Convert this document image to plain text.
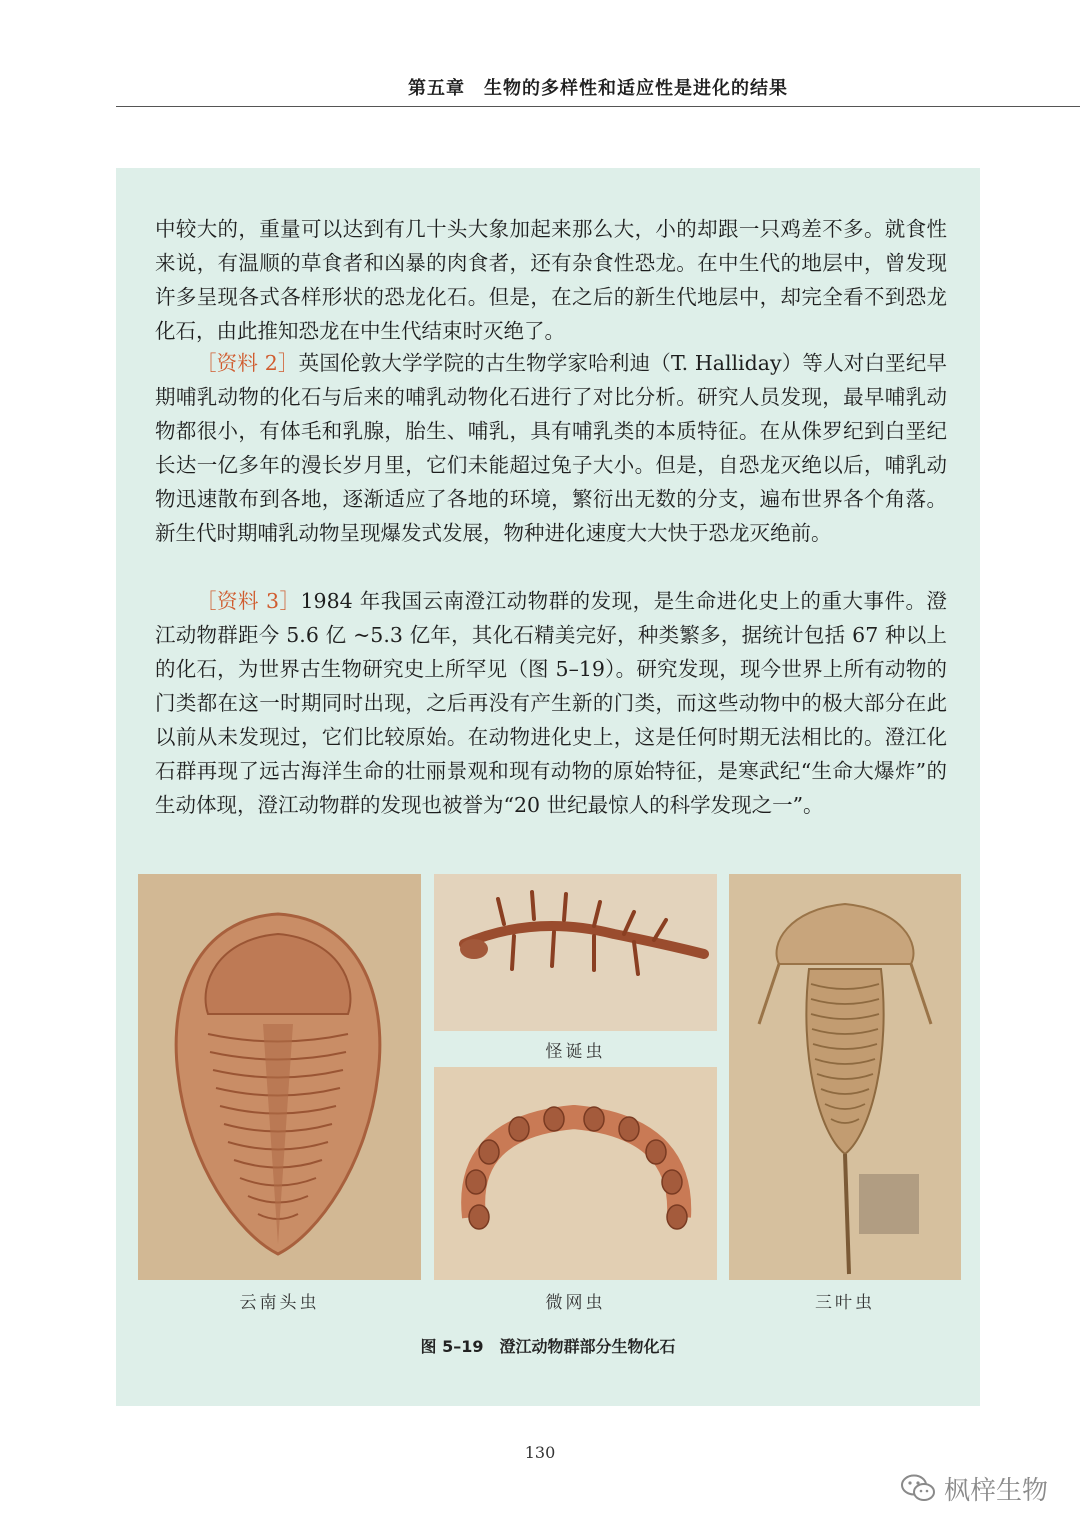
第五章　生物的多样性和适应性是进化的结果

中较大的，重量可以达到有几十头大象加起来那么大，小的却跟一只鸡差不多。就食性来说，有温顺的草食者和凶暴的肉食者，还有杂食性恐龙。在中生代的地层中，曾发现许多呈现各式各样形状的恐龙化石。但是，在之后的新生代地层中，却完全看不到恐龙化石，由此推知恐龙在中生代结束时灭绝了。

［资料 2］英国伦敦大学学院的古生物学家哈利迪（T. Halliday）等人对白垩纪早期哺乳动物的化石与后来的哺乳动物化石进行了对比分析。研究人员发现，最早哺乳动物都很小，有体毛和乳腺，胎生、哺乳，具有哺乳类的本质特征。在从侏罗纪到白垩纪长达一亿多年的漫长岁月里，它们未能超过兔子大小。但是，自恐龙灭绝以后，哺乳动物迅速散布到各地，逐渐适应了各地的环境，繁衍出无数的分支，遍布世界各个角落。新生代时期哺乳动物呈现爆发式发展，物种进化速度大大快于恐龙灭绝前。

［资料 3］1984 年我国云南澄江动物群的发现，是生命进化史上的重大事件。澄江动物群距今 5.6 亿 ~5.3 亿年，其化石精美完好，种类繁多，据统计包括 67 种以上的化石，为世界古生物研究史上所罕见（图 5–19）。研究发现，现今世界上所有动物的门类都在这一时期同时出现，之后再没有产生新的门类，而这些动物中的极大部分在此以前从未发现过，它们比较原始。在动物进化史上，这是任何时期无法相比的。澄江化石群再现了远古海洋生命的壮丽景观和现有动物的原始特征，是寒武纪“生命大爆炸”的生动体现，澄江动物群的发现也被誉为“20 世纪最惊人的科学发现之一”。

怪诞虫
云南头虫	微网虫	三叶虫
图 5–19　澄江动物群部分生物化石
130
枫梓生物
